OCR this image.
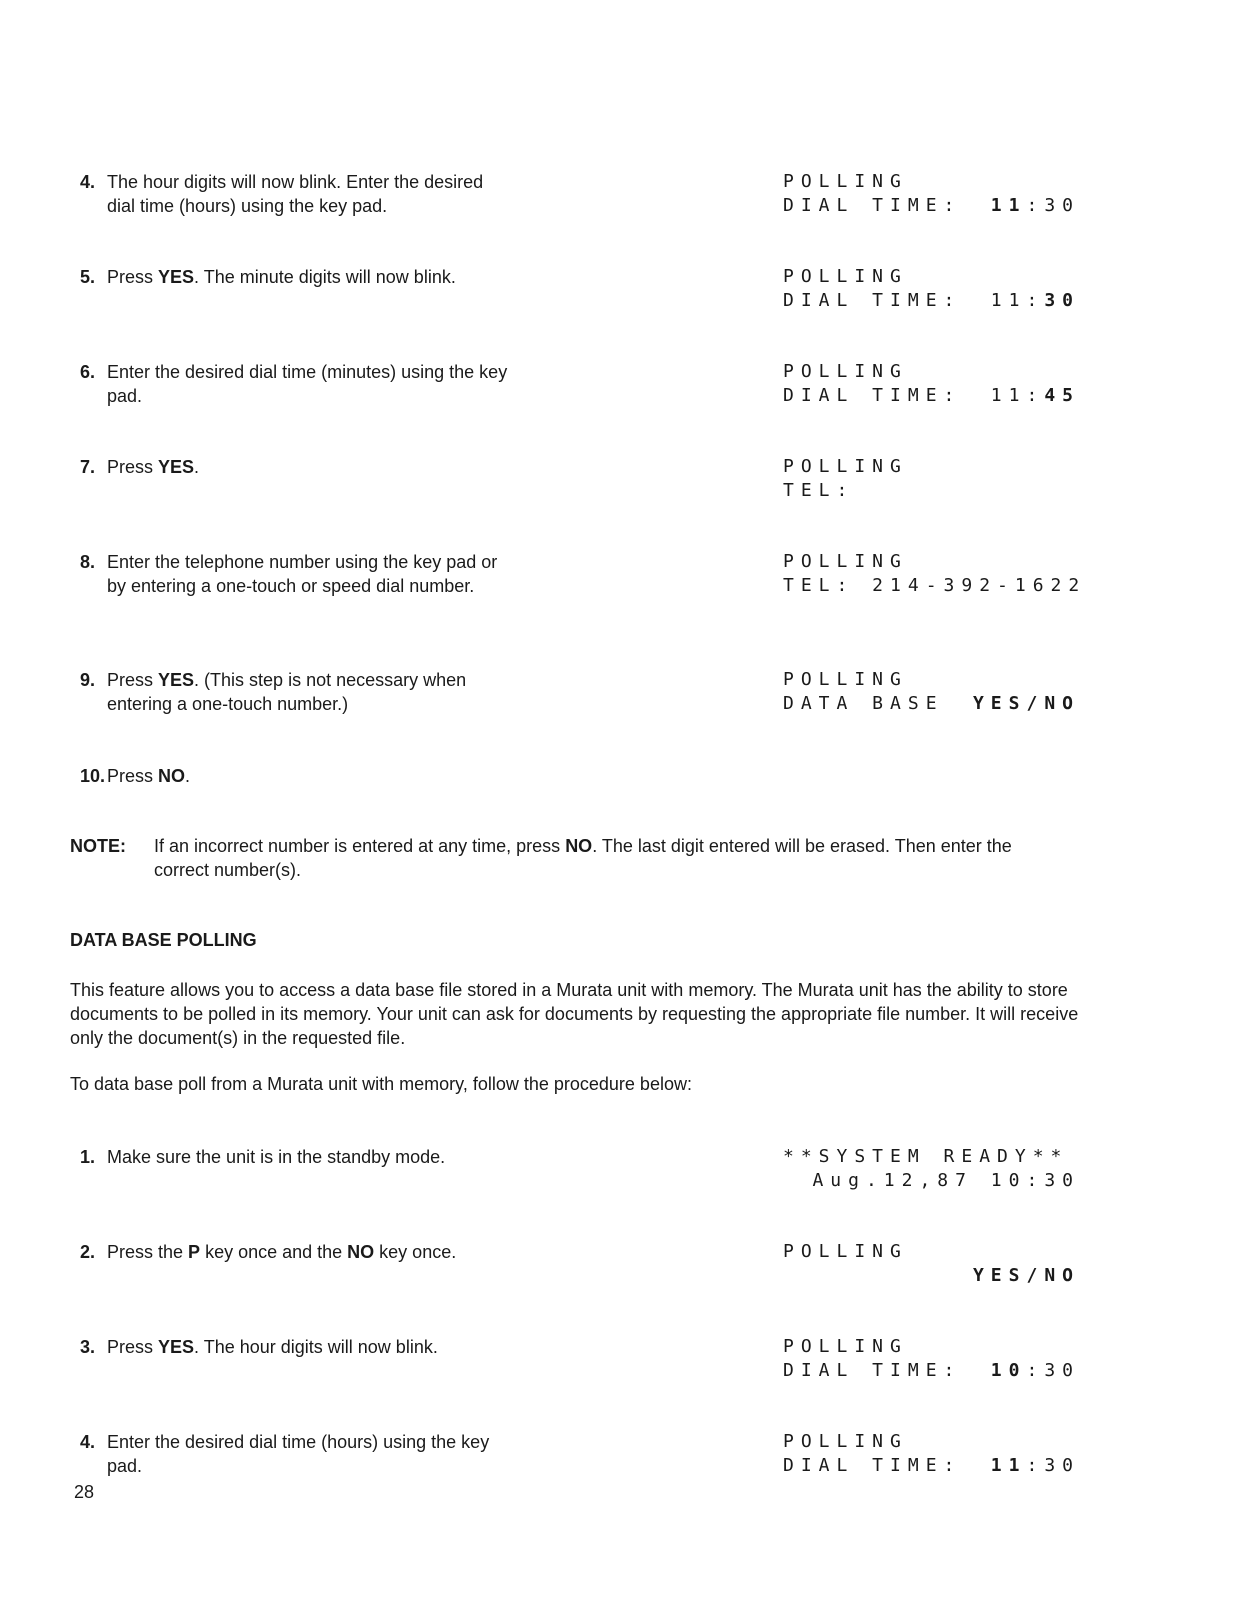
4. The hour digits will now blink. Enter the desired dial time (hours) using the key pad.
5. Press YES. The minute digits will now blink.
6. Enter the desired dial time (minutes) using the key pad.
7. Press YES.
8. Enter the telephone number using the key pad or by entering a one-touch or speed dial number.
9. Press YES. (This step is not necessary when entering a one-touch number.)
10. Press NO.
POLLING
DIAL TIME: 11:30
POLLING
DIAL TIME: 11:30
POLLING
DIAL TIME: 11:45
POLLING
TEL:
POLLING
TEL: 214-392-1622
POLLING
DATA BASE YES/NO
NOTE:	If an incorrect number is entered at any time, press NO. The last digit entered will be erased. Then enter the correct number(s).
DATA BASE POLLING
This feature allows you to access a data base file stored in a Murata unit with memory. The Murata unit has the ability to store documents to be polled in its memory. Your unit can ask for documents by requesting the appropriate file number. It will receive only the document(s) in the requested file.
To data base poll from a Murata unit with memory, follow the procedure below:
1. Make sure the unit is in the standby mode.
2. Press the P key once and the NO key once.
3. Press YES. The hour digits will now blink.
4. Enter the desired dial time (hours) using the key pad.
**SYSTEM READY**
Aug.12,87 10:30
POLLING
YES/NO
POLLING
DIAL TIME: 10:30
POLLING
DIAL TIME: 11:30
28
